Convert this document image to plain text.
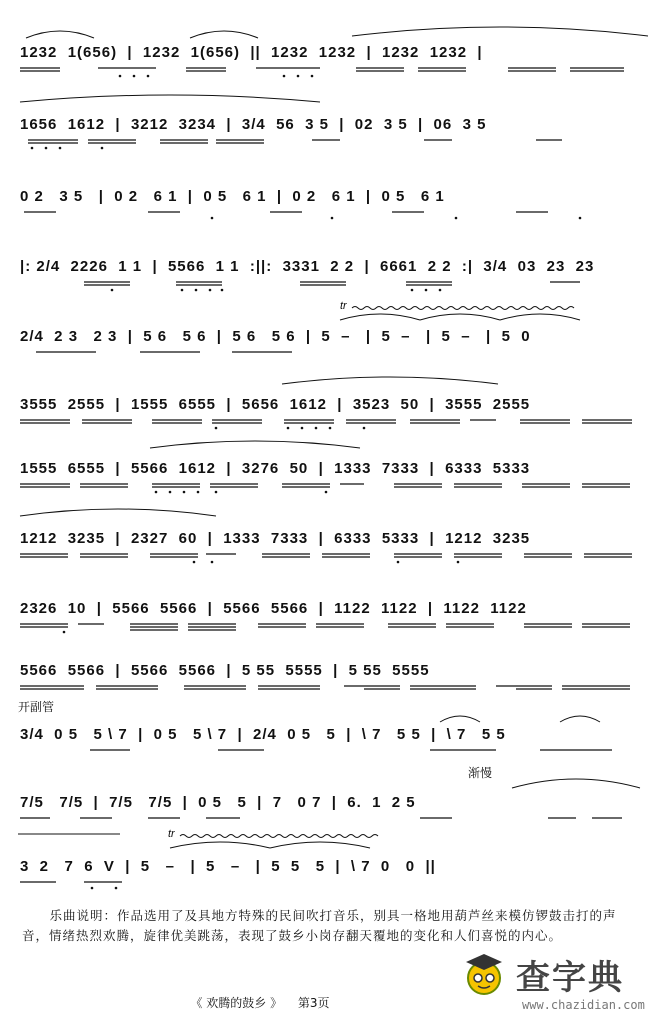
1232  1(656)  |  1232  1(656)  ||  1232  1232  |  1232  1232  |
1656  1612  |  3212  3234  |  3/4  56  3 5  |  02  3 5  |  06  3 5
0 2   3 5   |  0 2   6 1  |  0 5   6 1  |  0 2   6 1  |  0 5   6 1
|: 2/4  2226  1 1  |  5566  1 1  :||:  3331  2 2  |  6661  2 2  :|  3/4  03  23  23
2/4  2 3   2 3  |  5 6   5 6  |  5 6   5 6  |  5  –   |  5  –   |  5  –   |  5  0
tr
3555  2555  |  1555  6555  |  5656  1612  |  3523  50  |  3555  2555
1555  6555  |  5566  1612  |  3276  50  |  1333  7333  |  6333  5333
1212  3235  |  2327  60  |  1333  7333  |  6333  5333  |  1212  3235
2326  10  |  5566  5566  |  5566  5566  |  1122  1122  |  1122  1122
5566  5566  |  5566  5566  |  5 55  5555  |  5 55  5555
开副管
3/4  0 5   5 \ 7  |  0 5   5 \ 7  |  2/4  0 5   5  |  \ 7   5 5  |  \ 7   5 5
渐慢
7/5   7/5  |  7/5   7/5  |  0 5   5  |  7   0 7  |  6.  1  2 5
tr
3  2   7  6  V  |  5   –   |  5   –   |  5  5   5  |  \ 7  0   0  ||
乐曲说明：作品选用了及具地方特殊的民间吹打音乐，别具一格地用葫芦丝来模仿锣鼓击打的声音，情绪热烈欢腾，旋律优美跳荡，表现了鼓乡小岗存翻天覆地的变化和人们喜悦的内心。
《 欢腾的鼓乡 》 第3页
查字典
www.chazidian.com
